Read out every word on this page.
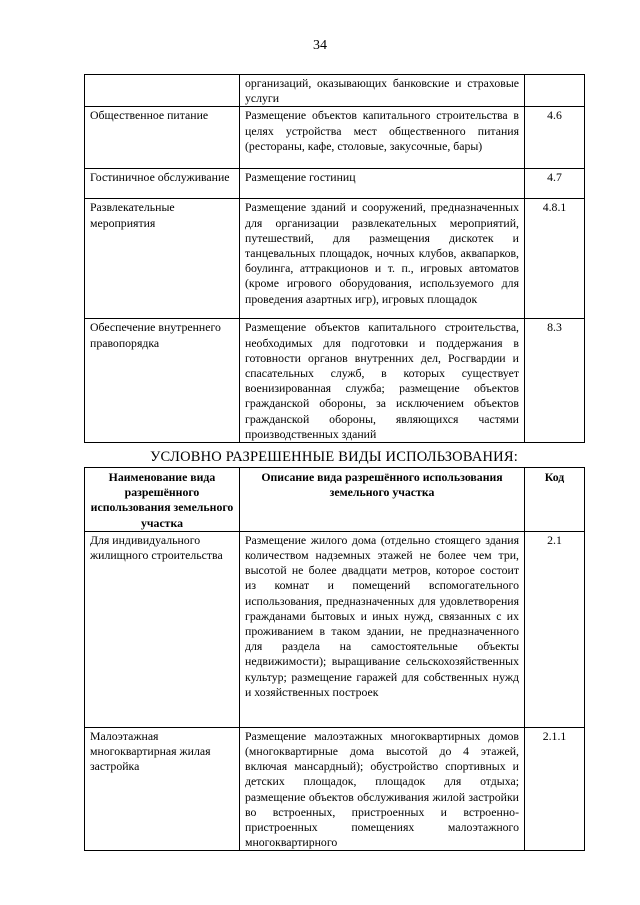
34
	организаций, оказывающих банковские и страховые услуги	
Общественное питание	Размещение объектов капитального строительства в целях устройства мест общественного питания (рестораны, кафе, столовые, закусочные, бары)	4.6
Гостиничное обслуживание	Размещение гостиниц	4.7
Развлекательные мероприятия	Размещение зданий и сооружений, предназначенных для организации развлекательных мероприятий, путешествий, для размещения дискотек и танцевальных площадок, ночных клубов, аквапарков, боулинга, аттракционов и т. п., игровых автоматов (кроме игрового оборудования, используемого для проведения азартных игр), игровых площадок	4.8.1
Обеспечение внутреннего правопорядка	Размещение объектов капитального строительства, необходимых для подготовки и поддержания в готовности органов внутренних дел, Росгвардии и спасательных служб, в которых существует военизированная служба; размещение объектов гражданской обороны, за исключением объектов гражданской обороны, являющихся частями производственных зданий	8.3
УСЛОВНО РАЗРЕШЕННЫЕ ВИДЫ ИСПОЛЬЗОВАНИЯ:
Наименование вида разрешённого использования земельного участка	Описание вида разрешённого использования земельного участка	Код
Для индивидуального жилищного строительства	Размещение жилого дома (отдельно стоящего здания количеством надземных этажей не более чем три, высотой не более двадцати метров, которое состоит из комнат и помещений вспомогательного использования, предназначенных для удовлетворения гражданами бытовых и иных нужд, связанных с их проживанием в таком здании, не предназначенного для раздела на самостоятельные объекты недвижимости); выращивание сельскохозяйственных культур; размещение гаражей для собственных нужд и хозяйственных построек	2.1
Малоэтажная многоквартирная жилая застройка	Размещение малоэтажных многоквартирных домов (многоквартирные дома высотой до 4 этажей, включая мансардный); обустройство спортивных и детских площадок, площадок для отдыха; размещение объектов обслуживания жилой застройки во встроенных, пристроенных и встроенно-пристроенных помещениях малоэтажного многоквартирного	2.1.1
